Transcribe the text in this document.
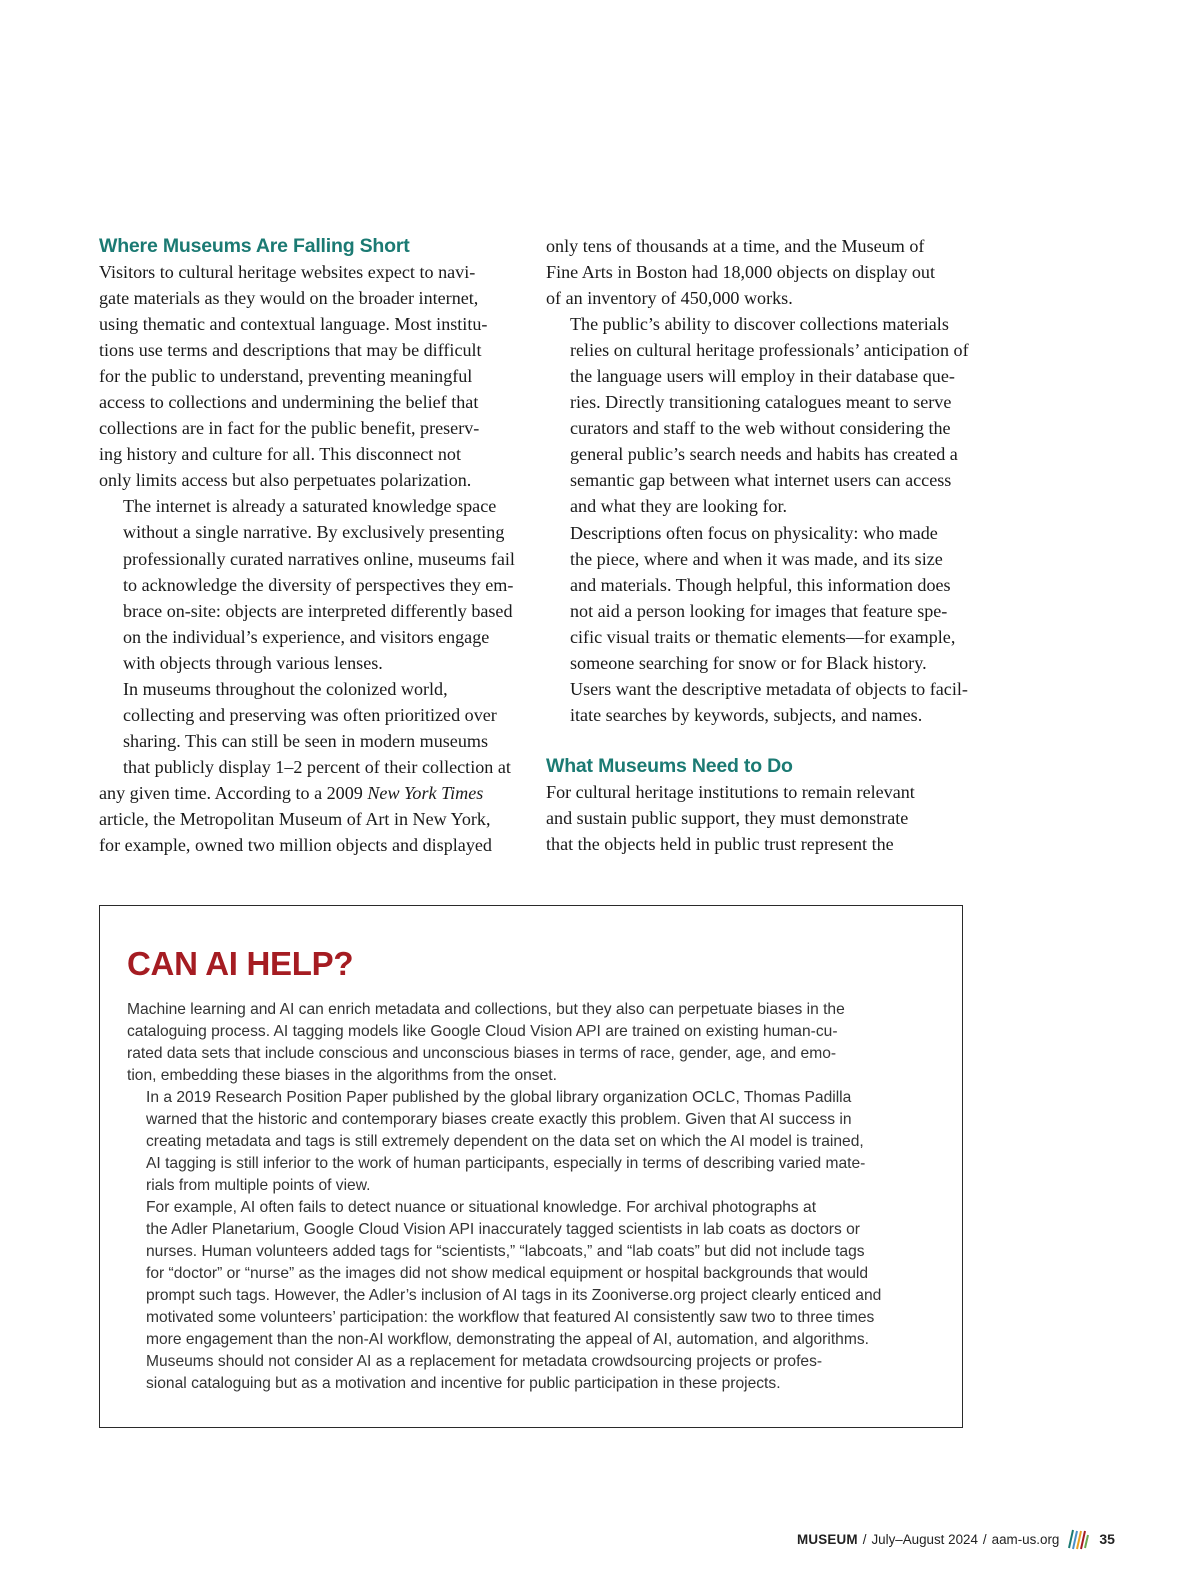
Where Museums Are Falling Short

Visitors to cultural heritage websites expect to navi-
gate materials as they would on the broader internet,
using thematic and contextual language. Most institu-
tions use terms and descriptions that may be difficult
for the public to understand, preventing meaningful
access to collections and undermining the belief that
collections are in fact for the public benefit, preserv-
ing history and culture for all. This disconnect not
only limits access but also perpetuates polarization.

The internet is already a saturated knowledge space
without a single narrative. By exclusively presenting
professionally curated narratives online, museums fail
to acknowledge the diversity of perspectives they em-
brace on-site: objects are interpreted differently based
on the individual’s experience, and visitors engage
with objects through various lenses.

In museums throughout the colonized world,
collecting and preserving was often prioritized over
sharing. This can still be seen in modern museums
that publicly display 1–2 percent of their collection at

any given time. According to a 2009 New York Times
article, the Metropolitan Museum of Art in New York,
for example, owned two million objects and displayed

only tens of thousands at a time, and the Museum of
Fine Arts in Boston had 18,000 objects on display out
of an inventory of 450,000 works.

The public’s ability to discover collections materials
relies on cultural heritage professionals’ anticipation of
the language users will employ in their database que-
ries. Directly transitioning catalogues meant to serve
curators and staff to the web without considering the
general public’s search needs and habits has created a
semantic gap between what internet users can access
and what they are looking for.

Descriptions often focus on physicality: who made
the piece, where and when it was made, and its size
and materials. Though helpful, this information does
not aid a person looking for images that feature spe-
cific visual traits or thematic elements—for example,
someone searching for snow or for Black history.
Users want the descriptive metadata of objects to facil-
itate searches by keywords, subjects, and names.

What Museums Need to Do

For cultural heritage institutions to remain relevant
and sustain public support, they must demonstrate
that the objects held in public trust represent the

CAN AI HELP?

Machine learning and AI can enrich metadata and collections, but they also can perpetuate biases in the
cataloguing process. AI tagging models like Google Cloud Vision API are trained on existing human-cu-
rated data sets that include conscious and unconscious biases in terms of race, gender, age, and emo-
tion, embedding these biases in the algorithms from the onset.

In a 2019 Research Position Paper published by the global library organization OCLC, Thomas Padilla
warned that the historic and contemporary biases create exactly this problem. Given that AI success in
creating metadata and tags is still extremely dependent on the data set on which the AI model is trained,
AI tagging is still inferior to the work of human participants, especially in terms of describing varied mate-
rials from multiple points of view.

For example, AI often fails to detect nuance or situational knowledge. For archival photographs at
the Adler Planetarium, Google Cloud Vision API inaccurately tagged scientists in lab coats as doctors or
nurses. Human volunteers added tags for “scientists,” “labcoats,” and “lab coats” but did not include tags
for “doctor” or “nurse” as the images did not show medical equipment or hospital backgrounds that would
prompt such tags. However, the Adler’s inclusion of AI tags in its Zooniverse.org project clearly enticed and
motivated some volunteers’ participation: the workflow that featured AI consistently saw two to three times
more engagement than the non-AI workflow, demonstrating the appeal of AI, automation, and algorithms.

Museums should not consider AI as a replacement for metadata crowdsourcing projects or profes-
sional cataloguing but as a motivation and incentive for public participation in these projects.

MUSEUM / July–August 2024 / aam-us.org	35
